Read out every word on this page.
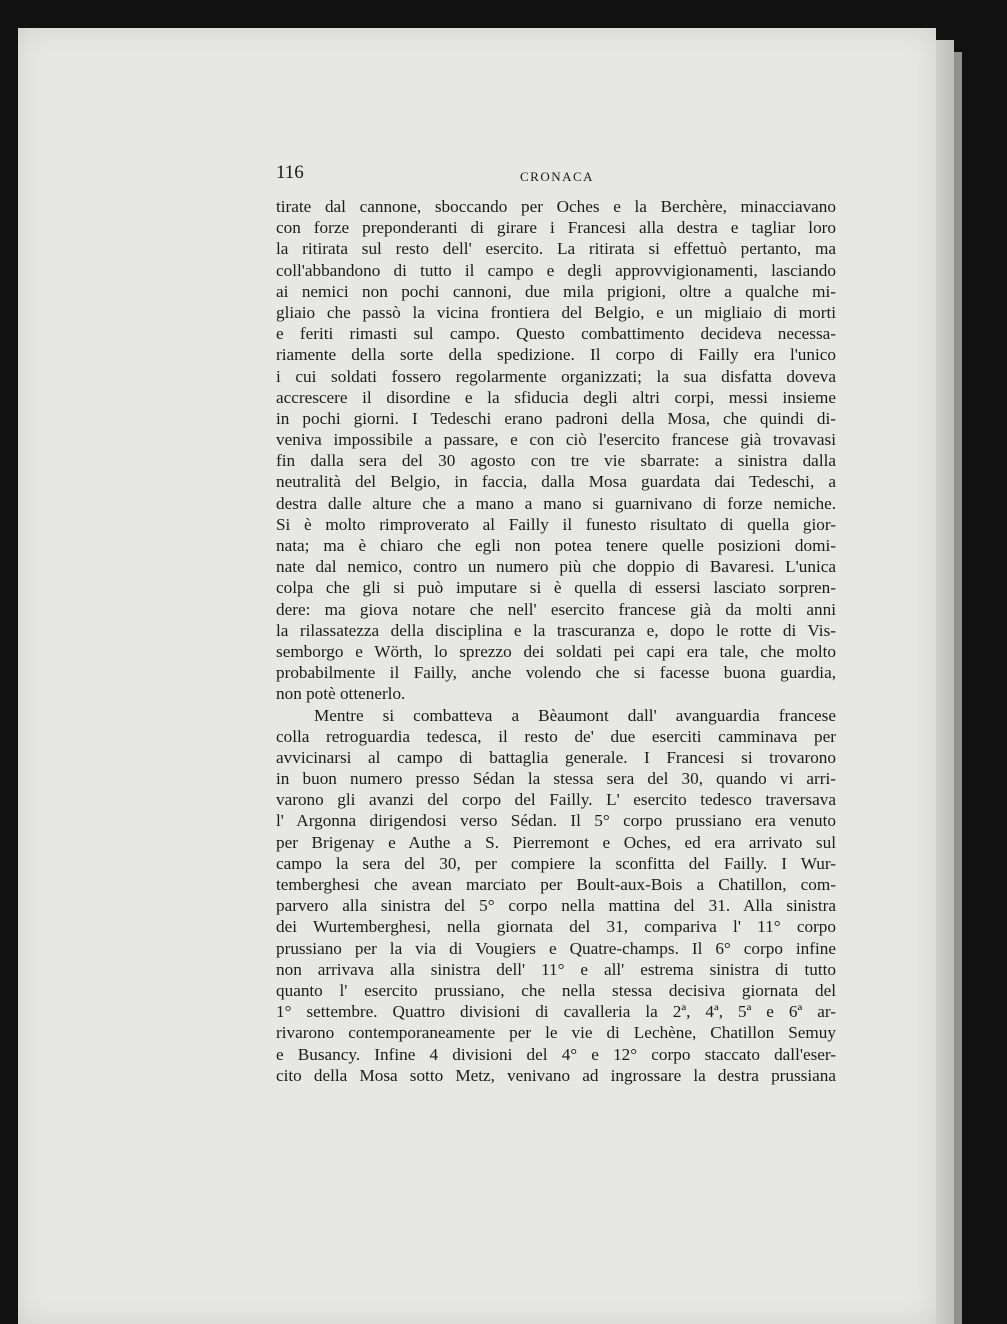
116	CRONACA
tirate dal cannone, sboccando per Oches e la Berchère, minacciavano
con forze preponderanti di girare i Francesi alla destra e tagliar loro
la ritirata sul resto dell' esercito. La ritirata si effettuò pertanto, ma
coll'abbandono di tutto il campo e degli approvvigionamenti, lasciando
ai nemici non pochi cannoni, due mila prigioni, oltre a qualche mi-
gliaio che passò la vicina frontiera del Belgio, e un migliaio di morti
e feriti rimasti sul campo. Questo combattimento decideva necessa-
riamente della sorte della spedizione. Il corpo di Failly era l'unico
i cui soldati fossero regolarmente organizzati; la sua disfatta doveva
accrescere il disordine e la sfiducia degli altri corpi, messi insieme
in pochi giorni. I Tedeschi erano padroni della Mosa, che quindi di-
veniva impossibile a passare, e con ciò l'esercito francese già trovavasi
fin dalla sera del 30 agosto con tre vie sbarrate: a sinistra dalla
neutralità del Belgio, in faccia, dalla Mosa guardata dai Tedeschi, a
destra dalle alture che a mano a mano si guarnivano di forze nemiche.
Si è molto rimproverato al Failly il funesto risultato di quella gior-
nata; ma è chiaro che egli non potea tenere quelle posizioni domi-
nate dal nemico, contro un numero più che doppio di Bavaresi. L'unica
colpa che gli si può imputare si è quella di essersi lasciato sorpren-
dere: ma giova notare che nell' esercito francese già da molti anni
la rilassatezza della disciplina e la trascuranza e, dopo le rotte di Vis-
semborgo e Wörth, lo sprezzo dei soldati pei capi era tale, che molto
probabilmente il Failly, anche volendo che si facesse buona guardia,
non potè ottenerlo.
Mentre si combatteva a Bèaumont dall' avanguardia francese
colla retroguardia tedesca, il resto de' due eserciti camminava per
avvicinarsi al campo di battaglia generale. I Francesi si trovarono
in buon numero presso Sédan la stessa sera del 30, quando vi arri-
varono gli avanzi del corpo del Failly. L' esercito tedesco traversava
l' Argonna dirigendosi verso Sédan. Il 5° corpo prussiano era venuto
per Brigenay e Authe a S. Pierremont e Oches, ed era arrivato sul
campo la sera del 30, per compiere la sconfitta del Failly. I Wur-
temberghesi che avean marciato per Boult-aux-Bois a Chatillon, com-
parvero alla sinistra del 5° corpo nella mattina del 31. Alla sinistra
dei Wurtemberghesi, nella giornata del 31, compariva l' 11° corpo
prussiano per la via di Vougiers e Quatre-champs. Il 6° corpo infine
non arrivava alla sinistra dell' 11° e all' estrema sinistra di tutto
quanto l' esercito prussiano, che nella stessa decisiva giornata del
1° settembre. Quattro divisioni di cavalleria la 2ª, 4ª, 5ª e 6ª ar-
rivarono contemporaneamente per le vie di Lechène, Chatillon Semuy
e Busancy. Infine 4 divisioni del 4° e 12° corpo staccato dall'eser-
cito della Mosa sotto Metz, venivano ad ingrossare la destra prussiana
